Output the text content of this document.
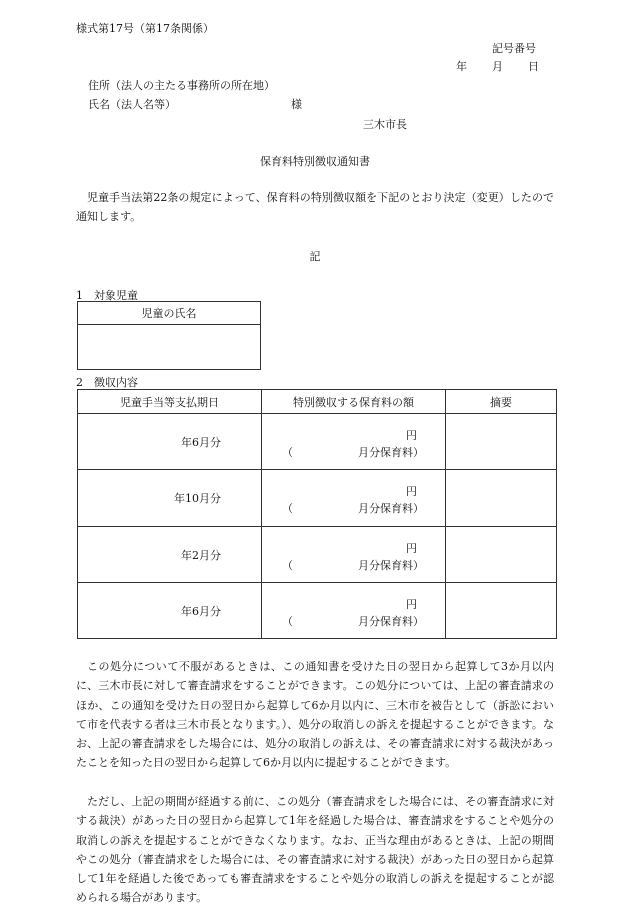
様式第17号（第17条関係）
記号番号
年 月 日
住所（法人の主たる事務所の所在地）
氏名（法人名等）	様
三木市長
保育料特別徴収通知書
児童手当法第22条の規定によって、保育料の特別徴収額を下記のとおり決定（変更）したので通知します。
記
1　対象児童
児童の氏名

2　徴収内容
児童手当等支払期日	特別徴収する保育料の額	摘要
年6月分	円
（ 月分保育料）	

年10月分	円
（ 月分保育料）	

年2月分	円
（ 月分保育料）	

年6月分	円
（ 月分保育料）	

この処分について不服があるときは、この通知書を受けた日の翌日から起算して3か月以内に、三木市長に対して審査請求をすることができます。この処分については、上記の審査請求のほか、この通知を受けた日の翌日から起算して6か月以内に、三木市を被告として（訴訟において市を代表する者は三木市長となります。）、処分の取消しの訴えを提起することができます。なお、上記の審査請求をした場合には、処分の取消しの訴えは、その審査請求に対する裁決があったことを知った日の翌日から起算して6か月以内に提起することができます。
ただし、上記の期間が経過する前に、この処分（審査請求をした場合には、その審査請求に対する裁決）があった日の翌日から起算して1年を経過した場合は、審査請求をすることや処分の取消しの訴えを提起することができなくなります。なお、正当な理由があるときは、上記の期間やこの処分（審査請求をした場合には、その審査請求に対する裁決）があった日の翌日から起算して1年を経過した後であっても審査請求をすることや処分の取消しの訴えを提起することが認められる場合があります。
